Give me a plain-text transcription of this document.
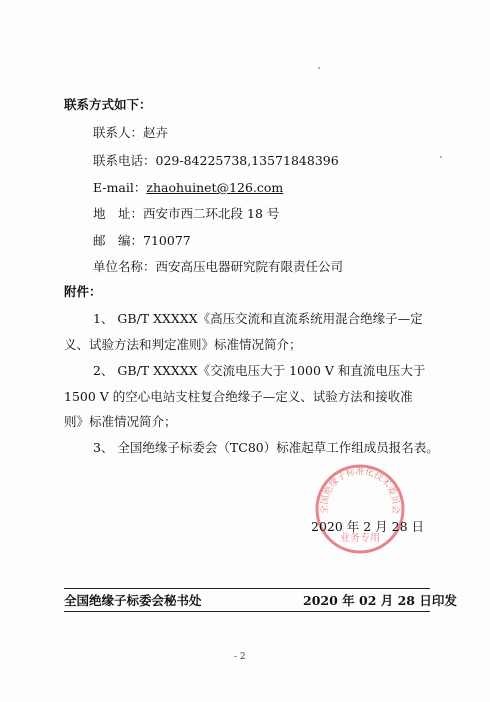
联系方式如下：
联系人：赵卉
联系电话：029-84225738,13571848396
E-mail：zhaohuinet@126.com
地　址：西安市西二环北段 18 号
邮　编：710077
单位名称：西安高压电器研究院有限责任公司
附件：
1、 GB/T XXXXX《高压交流和直流系统用混合绝缘子—定
义、试验方法和判定准则》标准情况简介；
2、 GB/T XXXXX《交流电压大于 1000 V 和直流电压大于
1500 V 的空心电站支柱复合绝缘子—定义、试验方法和接收准
则》标准情况简介；
3、 全国绝缘子标委会（TC80）标准起草工作组成员报名表。
全国绝缘子标准化技术委员会
业务专用
2020 年 2 月 28 日
全国绝缘子标委会秘书处	2020 年 02 月 28 日印发
- 2
